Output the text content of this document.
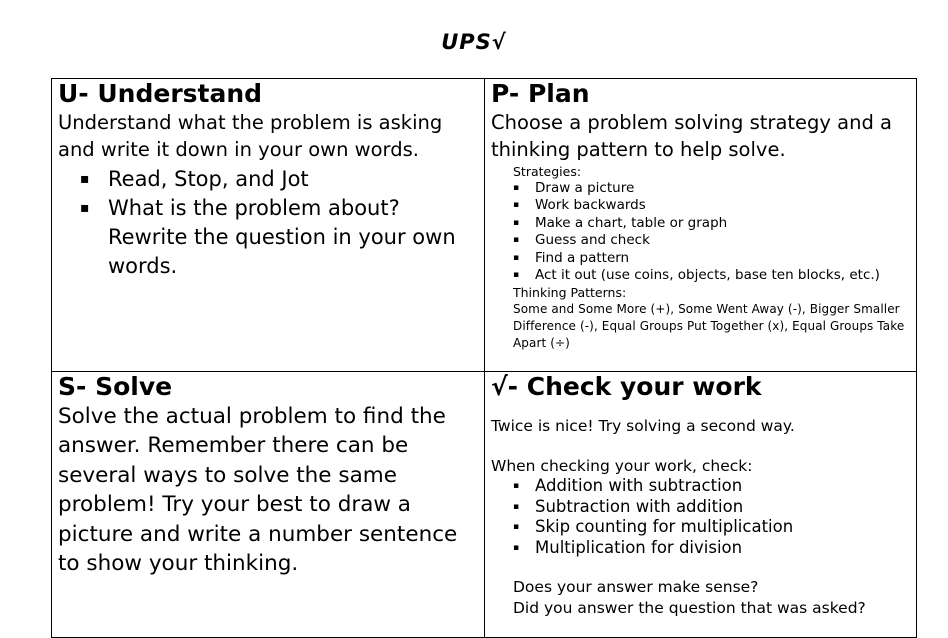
UPS√

U- Understand

Understand what the problem is asking and write it down in your own words.

▪ Read, Stop, and Jot
▪ What is the problem about? Rewrite the question in your own words.

P- Plan

Choose a problem solving strategy and a thinking pattern to help solve.

Strategies:

▪ Draw a picture
▪ Work backwards
▪ Make a chart, table or graph
▪ Guess and check
▪ Find a pattern
▪ Act it out (use coins, objects, base ten blocks, etc.)

Thinking Patterns:

Some and Some More (+), Some Went Away (-), Bigger Smaller Difference (-), Equal Groups Put Together (x), Equal Groups Take Apart (÷)

S- Solve

Solve the actual problem to find the answer. Remember there can be several ways to solve the same problem! Try your best to draw a picture and write a number sentence to show your thinking.

√- Check your work

Twice is nice! Try solving a second way.

When checking your work, check:

▪ Addition with subtraction
▪ Subtraction with addition
▪ Skip counting for multiplication
▪ Multiplication for division

Does your answer make sense?

Did you answer the question that was asked?
